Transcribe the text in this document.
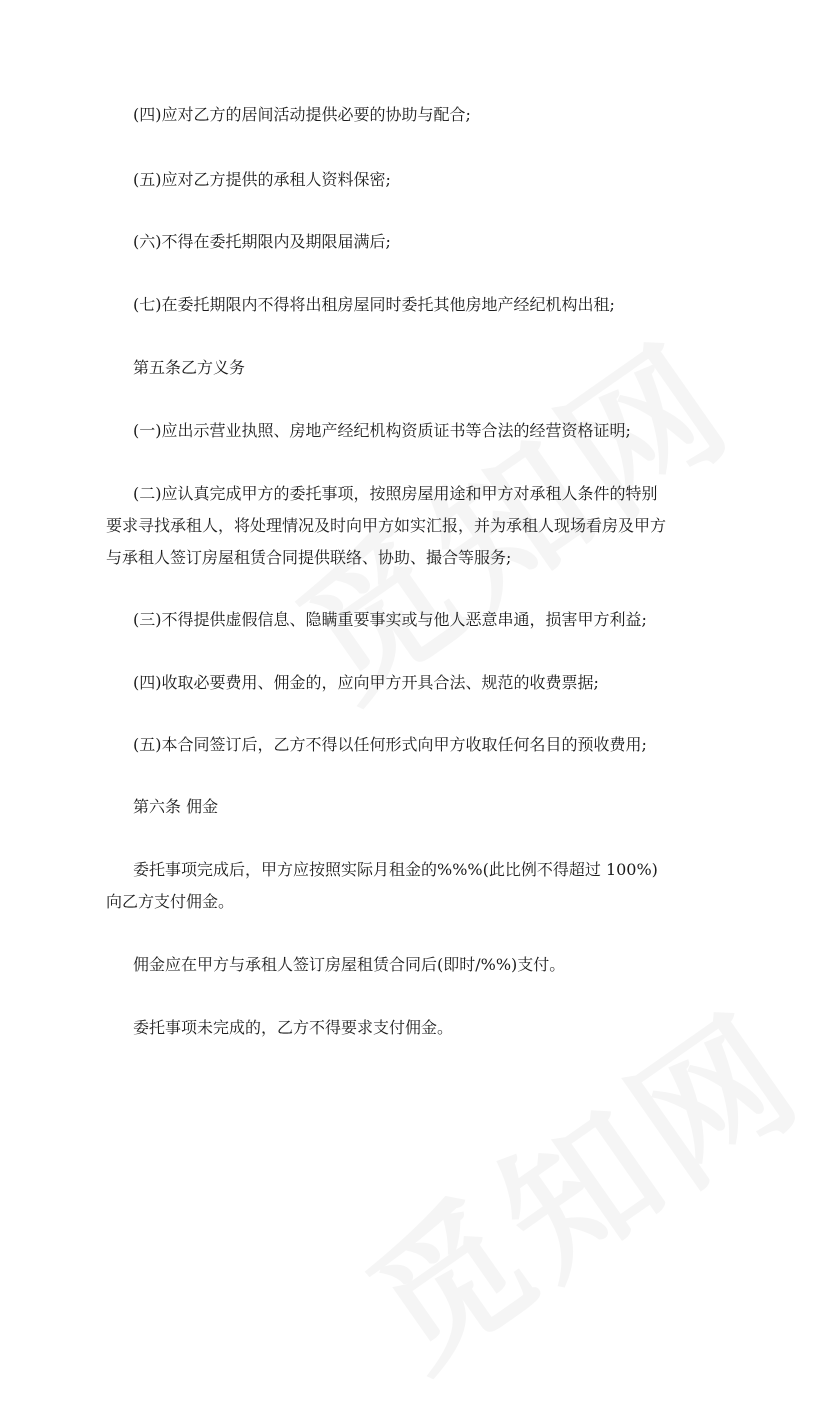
(四)应对乙方的居间活动提供必要的协助与配合;
(五)应对乙方提供的承租人资料保密;
(六)不得在委托期限内及期限届满后;
(七)在委托期限内不得将出租房屋同时委托其他房地产经纪机构出租;
第五条乙方义务
(一)应出示营业执照、房地产经纪机构资质证书等合法的经营资格证明;
(二)应认真完成甲方的委托事项，按照房屋用途和甲方对承租人条件的特别要求寻找承租人，将处理情况及时向甲方如实汇报，并为承租人现场看房及甲方与承租人签订房屋租赁合同提供联络、协助、撮合等服务;
(三)不得提供虚假信息、隐瞒重要事实或与他人恶意串通，损害甲方利益;
(四)收取必要费用、佣金的，应向甲方开具合法、规范的收费票据;
(五)本合同签订后，乙方不得以任何形式向甲方收取任何名目的预收费用;
第六条 佣金
委托事项完成后，甲方应按照实际月租金的%%%(此比例不得超过 100%)向乙方支付佣金。
佣金应在甲方与承租人签订房屋租赁合同后(即时/%%)支付。
委托事项未完成的，乙方不得要求支付佣金。
